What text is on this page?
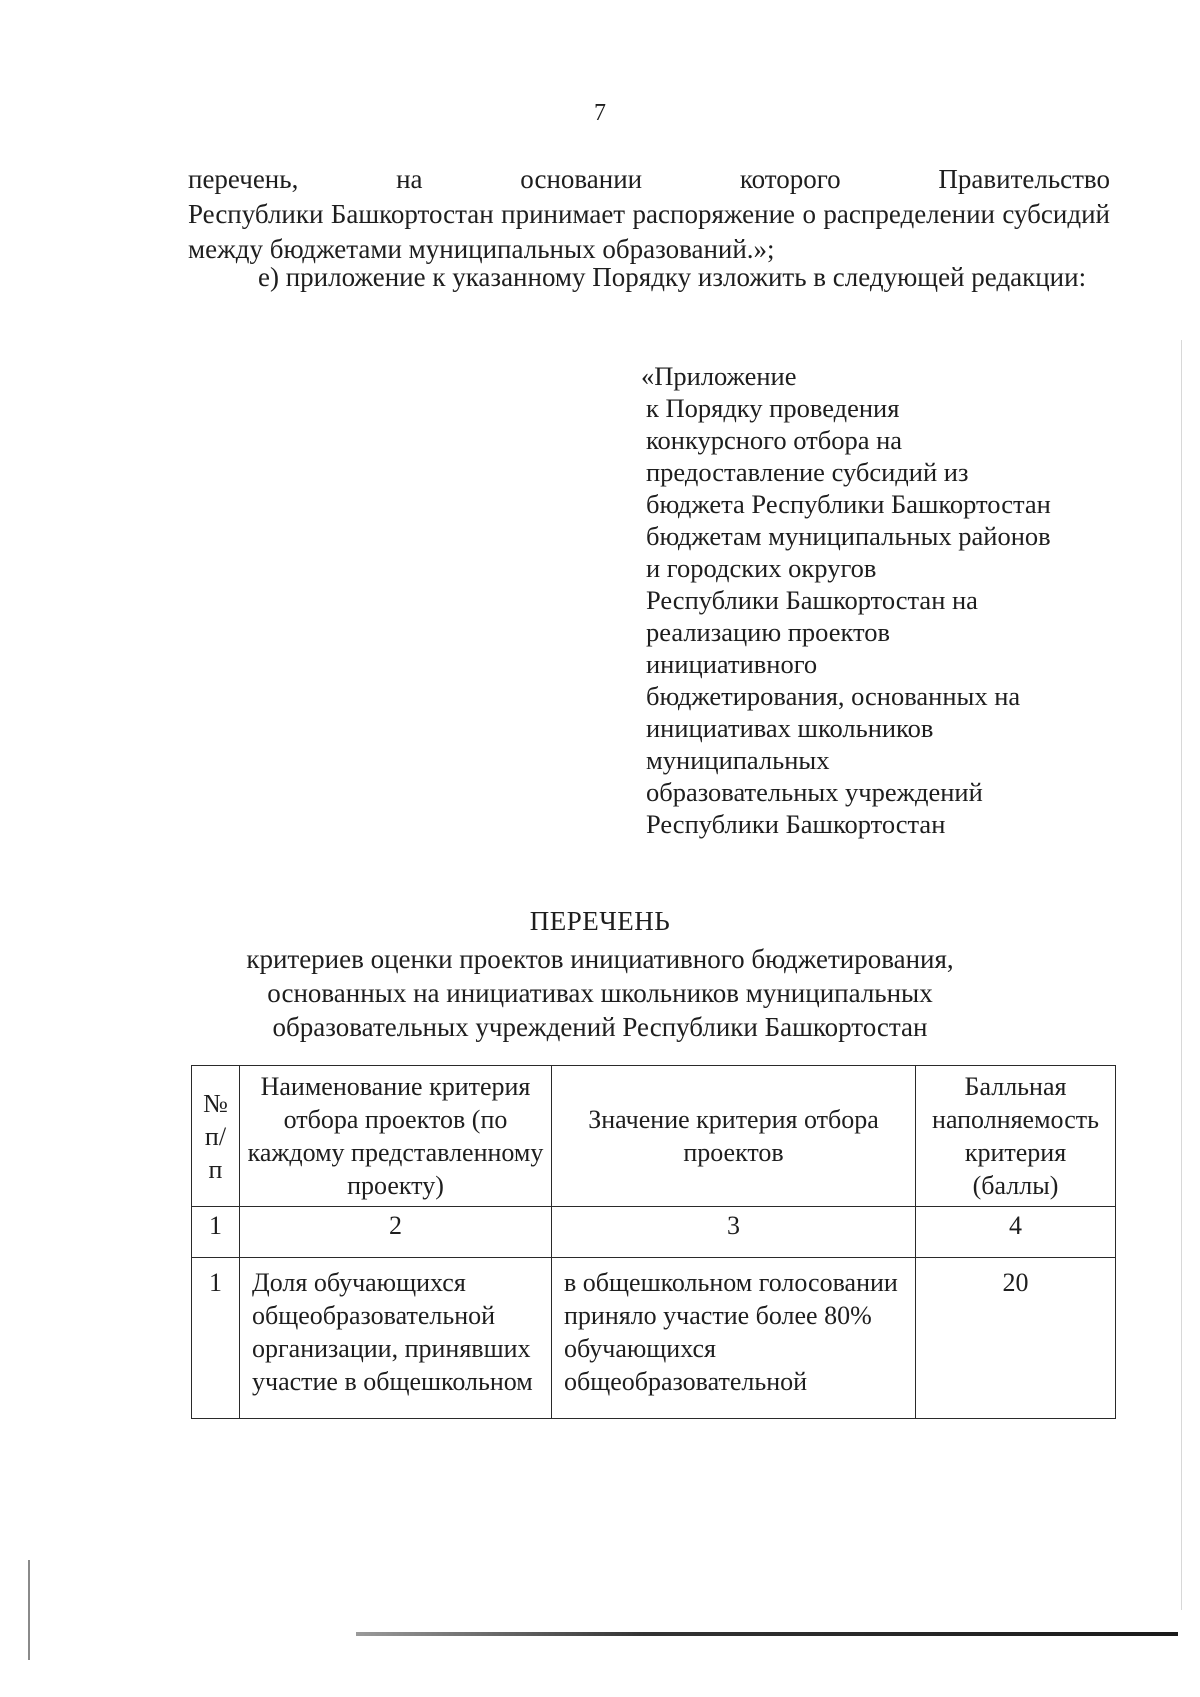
7

перечень, на основании которого Правительство
Республики Башкортостан принимает распоряжение о распределении субсидий между бюджетами муниципальных образований.»;

е) приложение к указанному Порядку изложить в следующей редакции:

«Приложение
к Порядку проведения
конкурсного отбора на
предоставление субсидий из
бюджета Республики Башкортостан
бюджетам муниципальных районов
и городских округов
Республики Башкортостан на
реализацию проектов
инициативного
бюджетирования, основанных на
инициативах школьников
муниципальных
образовательных учреждений
Республики Башкортостан
ПЕРЕЧЕНЬ
критериев оценки проектов инициативного бюджетирования,
основанных на инициативах школьников муниципальных
образовательных учреждений Республики Башкортостан
№ п/п	Наименование критерия отбора проектов (по каждому представленному проекту)	Значение критерия отбора проектов	Балльная наполняемость критерия (баллы)
1	2	3	4
1	Доля обучающихся общеобразовательной организации, принявших участие в общешкольном	в общешкольном голосовании приняло участие более 80% обучающихся общеобразовательной	20
